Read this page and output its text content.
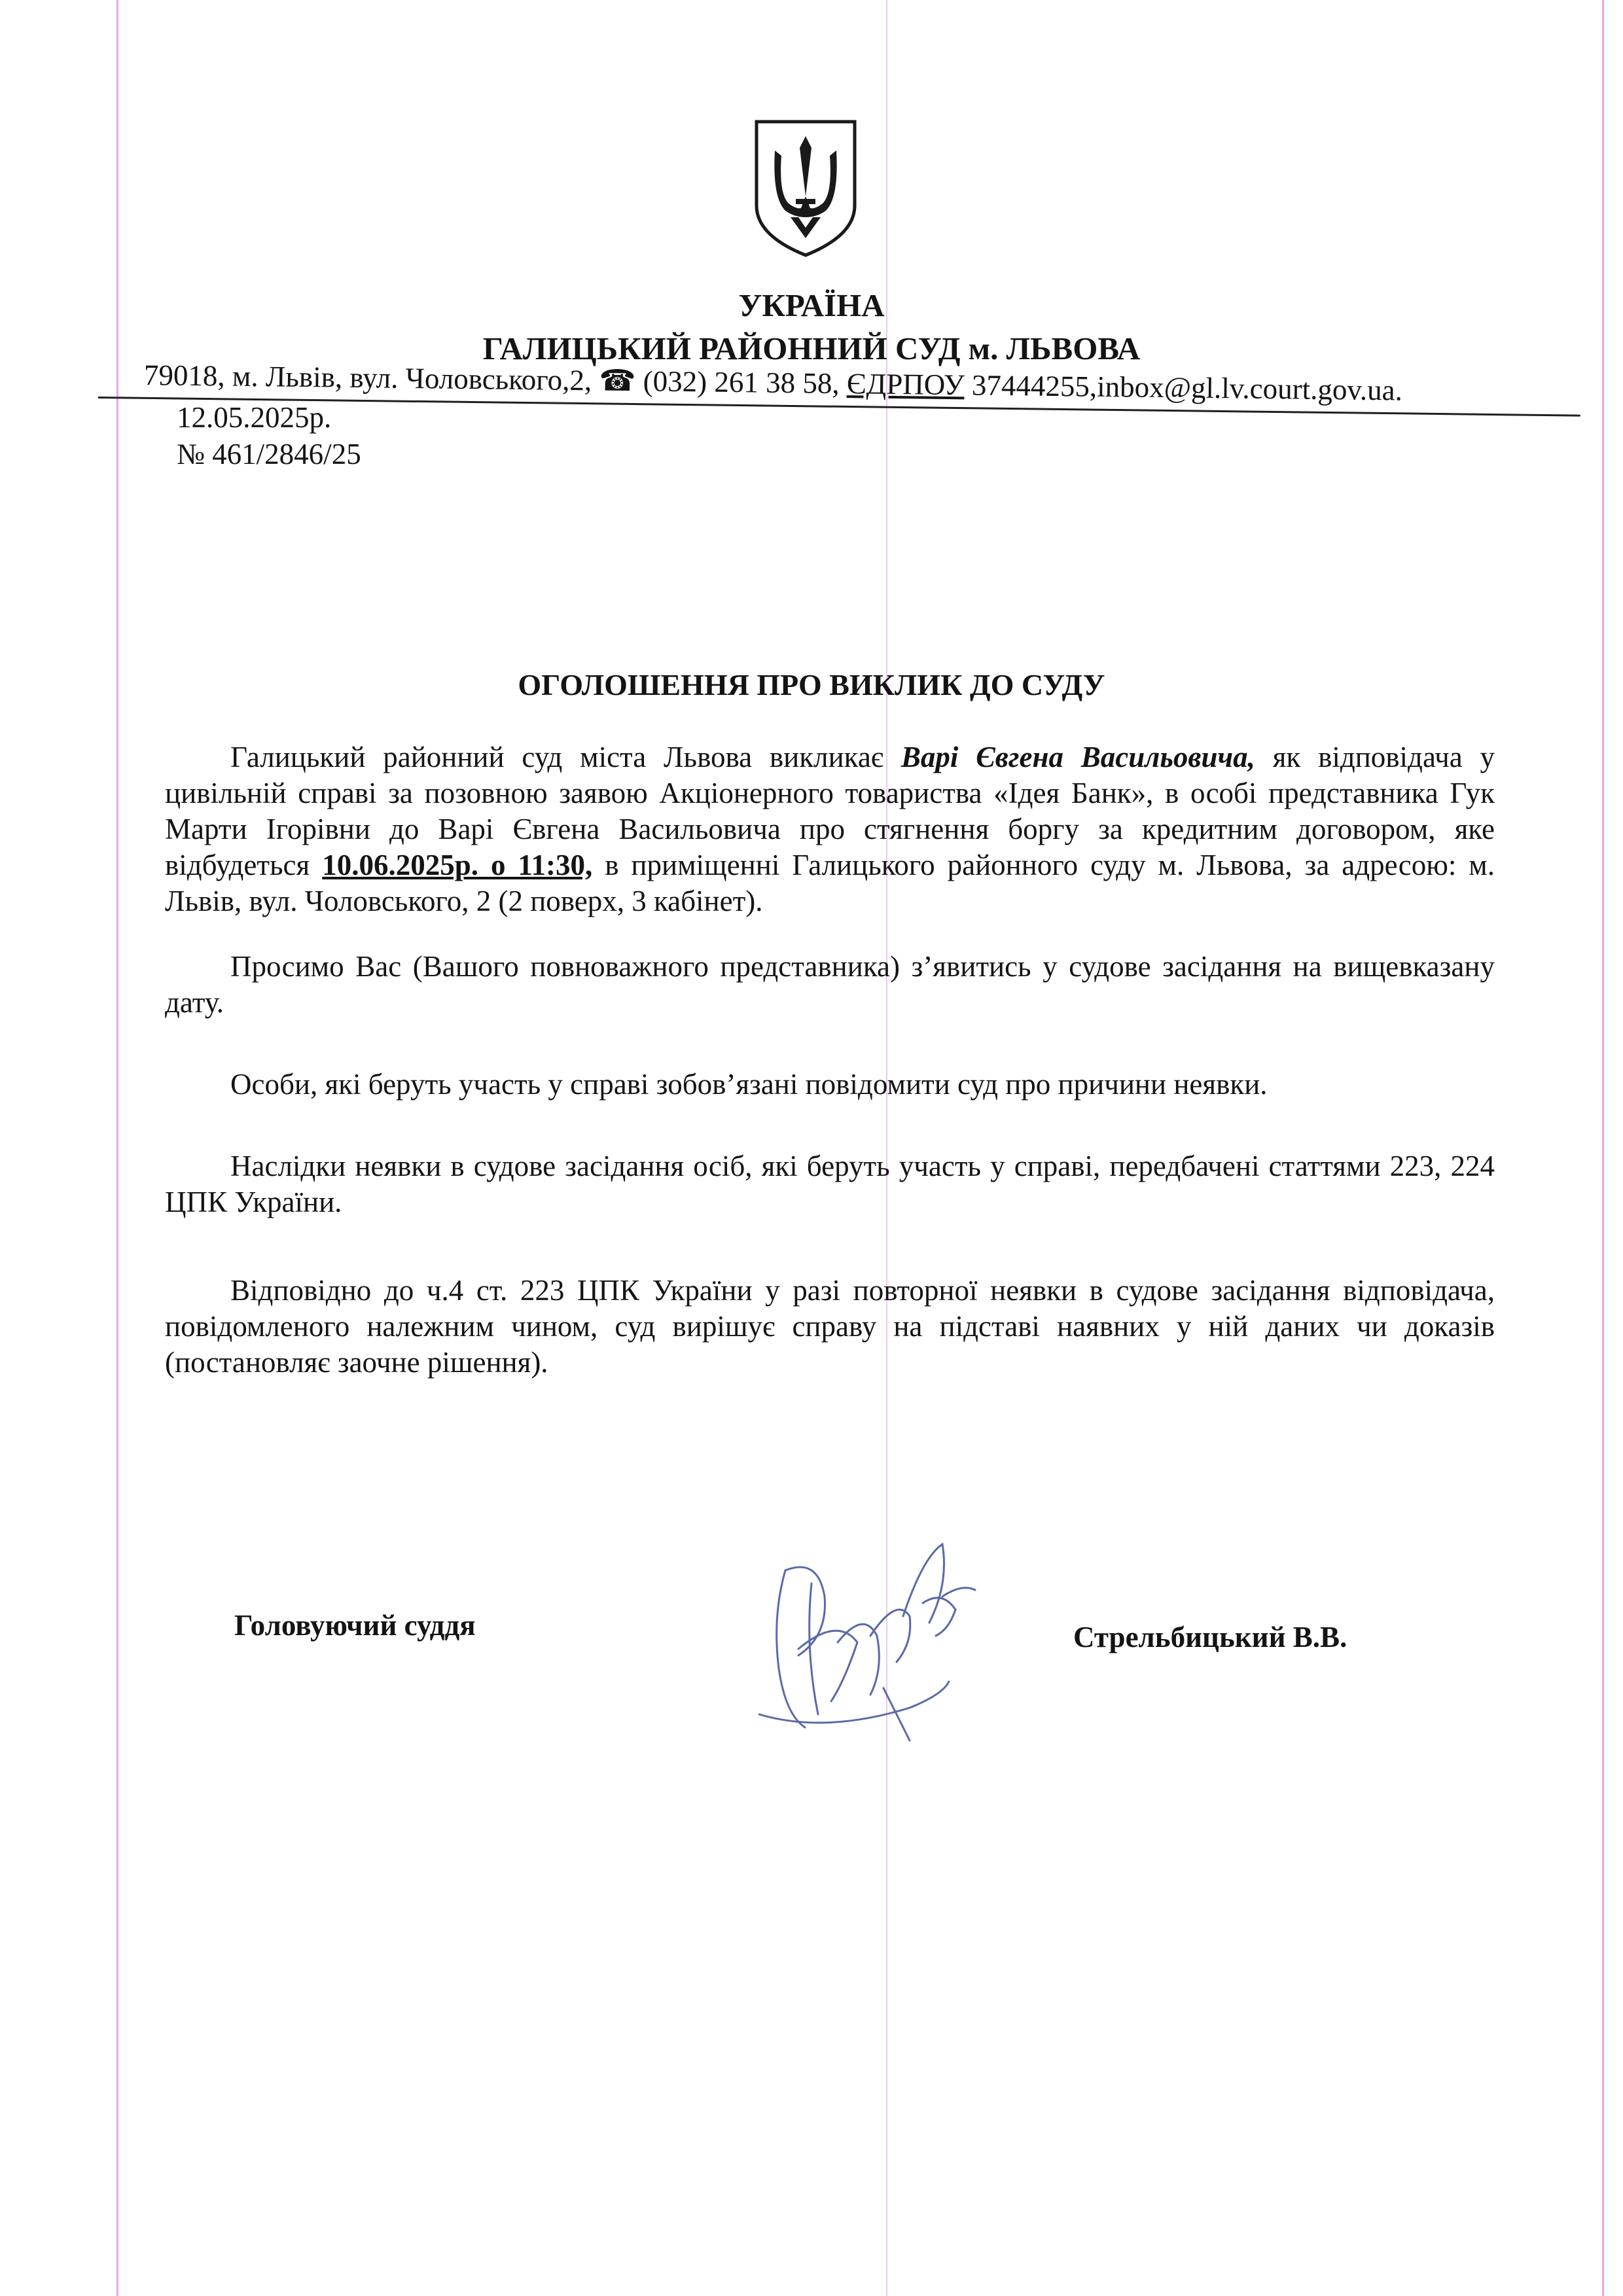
УКРАЇНА
ГАЛИЦЬКИЙ РАЙОННИЙ СУД м. ЛЬВОВА
79018, м. Львів, вул. Чоловського,2, ☎ (032) 261 38 58, ЄДРПОУ 37444255,inbox@gl.lv.court.gov.ua.
12.05.2025р.
№ 461/2846/25
ОГОЛОШЕННЯ ПРО ВИКЛИК ДО СУДУ

Галицький районний суд міста Львова викликає Варі Євгена Васильовича, як відповідача у цивільній справі за позовною заявою Акціонерного товариства «Ідея Банк», в особі представника Гук Марти Ігорівни до Варі Євгена Васильовича про стягнення боргу за кредитним договором, яке відбудеться 10.06.2025р. о 11:30, в приміщенні Галицького районного суду м. Львова, за адресою: м. Львів, вул. Чоловського, 2 (2 поверх, 3 кабінет).

Просимо Вас (Вашого повноважного представника) з’явитись у судове засідання на вищевказану дату.

Особи, які беруть участь у справі зобов’язані повідомити суд про причини неявки.

Наслідки неявки в судове засідання осіб, які беруть участь у справі, передбачені статтями 223, 224 ЦПК України.

Відповідно до ч.4 ст. 223 ЦПК України у разі повторної неявки в судове засідання відповідача, повідомленого належним чином, суд вирішує справу на підставі наявних у ній даних чи доказів (постановляє заочне рішення).

Головуючий суддя	Стрельбицький В.В.
